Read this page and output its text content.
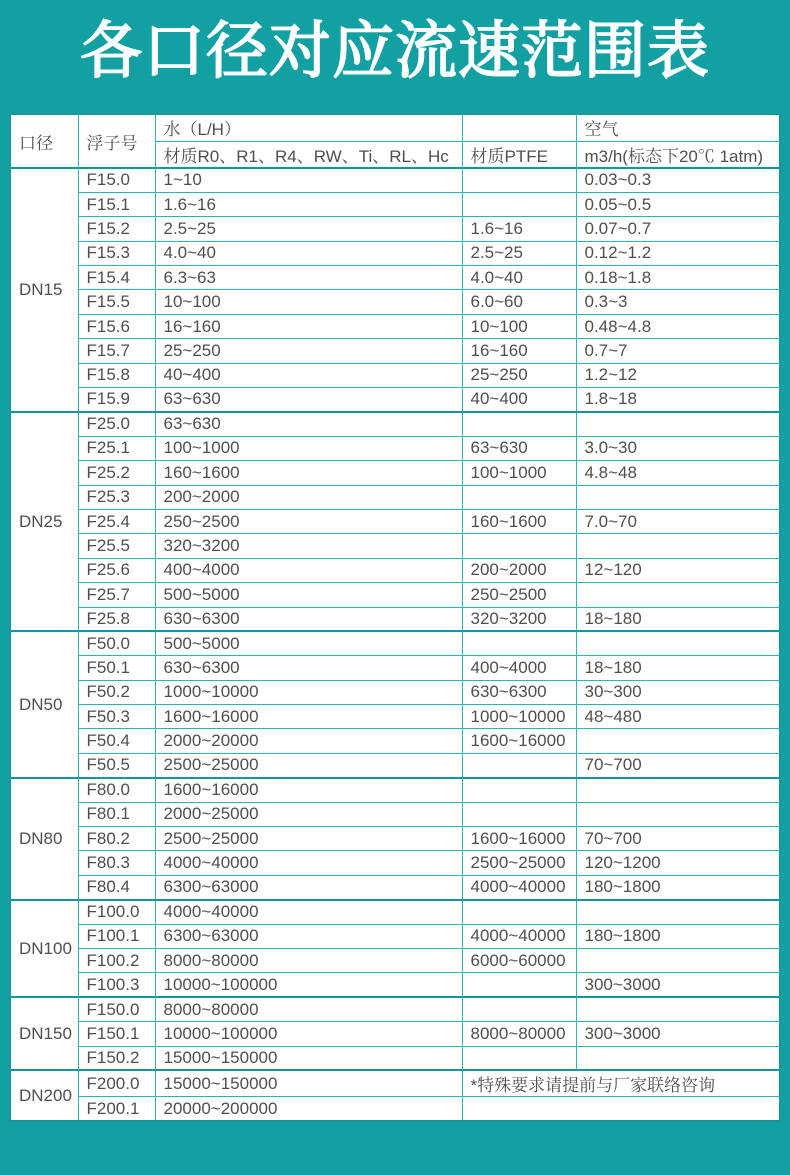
各口径对应流速范围表
口径	浮子号	水（L/H）		空气
		材质R0、R1、R4、RW、Ti、RL、Hc	材质PTFE	m3/h(标态下20℃ 1atm)
DN15	F15.0	1~10		0.03~0.3
	F15.1	1.6~16		0.05~0.5
	F15.2	2.5~25	1.6~16	0.07~0.7
	F15.3	4.0~40	2.5~25	0.12~1.2
	F15.4	6.3~63	4.0~40	0.18~1.8
	F15.5	10~100	6.0~60	0.3~3
	F15.6	16~160	10~100	0.48~4.8
	F15.7	25~250	16~160	0.7~7
	F15.8	40~400	25~250	1.2~12
	F15.9	63~630	40~400	1.8~18
DN25	F25.0	63~630		
	F25.1	100~1000	63~630	3.0~30
	F25.2	160~1600	100~1000	4.8~48
	F25.3	200~2000		
	F25.4	250~2500	160~1600	7.0~70
	F25.5	320~3200		
	F25.6	400~4000	200~2000	12~120
	F25.7	500~5000	250~2500	
	F25.8	630~6300	320~3200	18~180
DN50	F50.0	500~5000		
	F50.1	630~6300	400~4000	18~180
	F50.2	1000~10000	630~6300	30~300
	F50.3	1600~16000	1000~10000	48~480
	F50.4	2000~20000	1600~16000	
	F50.5	2500~25000		70~700
DN80	F80.0	1600~16000		
	F80.1	2000~25000		
	F80.2	2500~25000	1600~16000	70~700
	F80.3	4000~40000	2500~25000	120~1200
	F80.4	6300~63000	4000~40000	180~1800
DN100	F100.0	4000~40000		
	F100.1	6300~63000	4000~40000	180~1800
	F100.2	8000~80000	6000~60000	
	F100.3	10000~100000		300~3000
DN150	F150.0	8000~80000		
	F150.1	10000~100000	8000~80000	300~3000
	F150.2	15000~150000		
DN200	F200.0	15000~150000	*特殊要求请提前与厂家联络咨询	
	F200.1	20000~200000		
